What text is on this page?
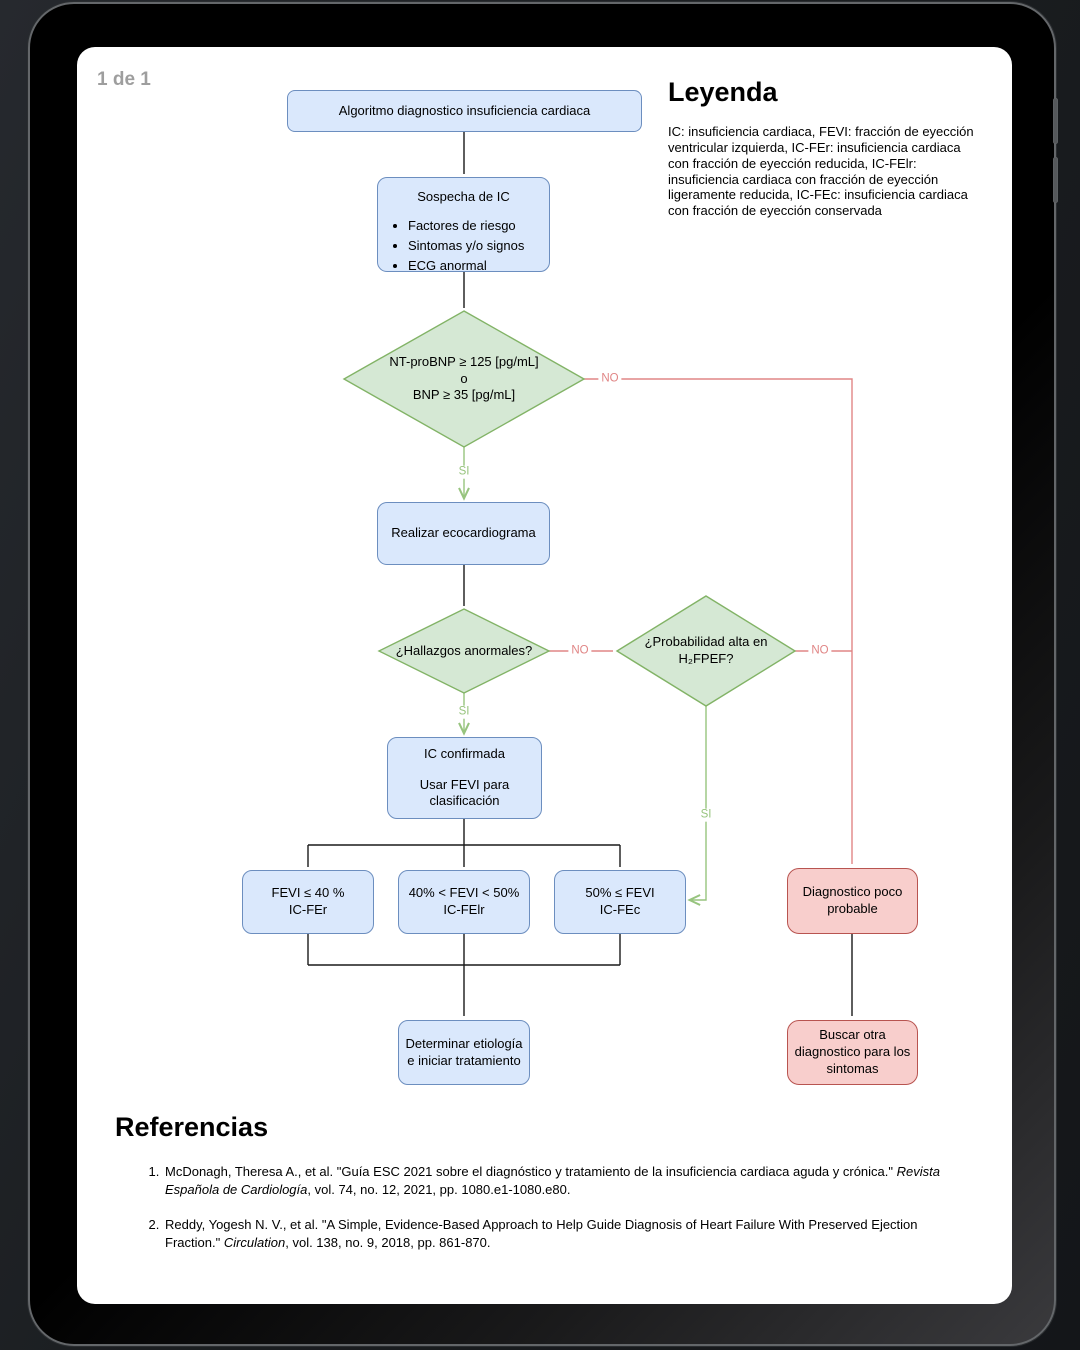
1 de 1
Algoritmo diagnostico insuficiencia cardiaca
Sospecha de IC
• Factores de riesgo
• Sintomas y/o signos
• ECG anormal
NT-proBNP ≥ 125 [pg/mL]
o
BNP ≥ 35 [pg/mL]
Realizar ecocardiograma
¿Hallazgos anormales?
¿Probabilidad alta en H₂FPEF?
IC confirmada
Usar FEVI para clasificación
FEVI ≤ 40 %
IC-FEr
40% < FEVI < 50%
IC-FElr
50% ≤ FEVI
IC-FEc
Determinar etiología e iniciar tratamiento
Diagnostico poco probable
Buscar otra diagnostico para los sintomas
NO
NO	NO
SI
SI
SI
Leyenda
IC: insuficiencia cardiaca, FEVI: fracción de eyección ventricular izquierda, IC-FEr: insuficiencia cardiaca con fracción de eyección reducida, IC-FElr: insuficiencia cardiaca con fracción de eyección ligeramente reducida, IC-FEc: insuficiencia cardiaca con fracción de eyección conservada
Referencias
1. McDonagh, Theresa A., et al. "Guía ESC 2021 sobre el diagnóstico y tratamiento de la insuficiencia cardiaca aguda y crónica." Revista Española de Cardiología, vol. 74, no. 12, 2021, pp. 1080.e1-1080.e80.
2. Reddy, Yogesh N. V., et al. "A Simple, Evidence-Based Approach to Help Guide Diagnosis of Heart Failure With Preserved Ejection Fraction." Circulation, vol. 138, no. 9, 2018, pp. 861-870.
